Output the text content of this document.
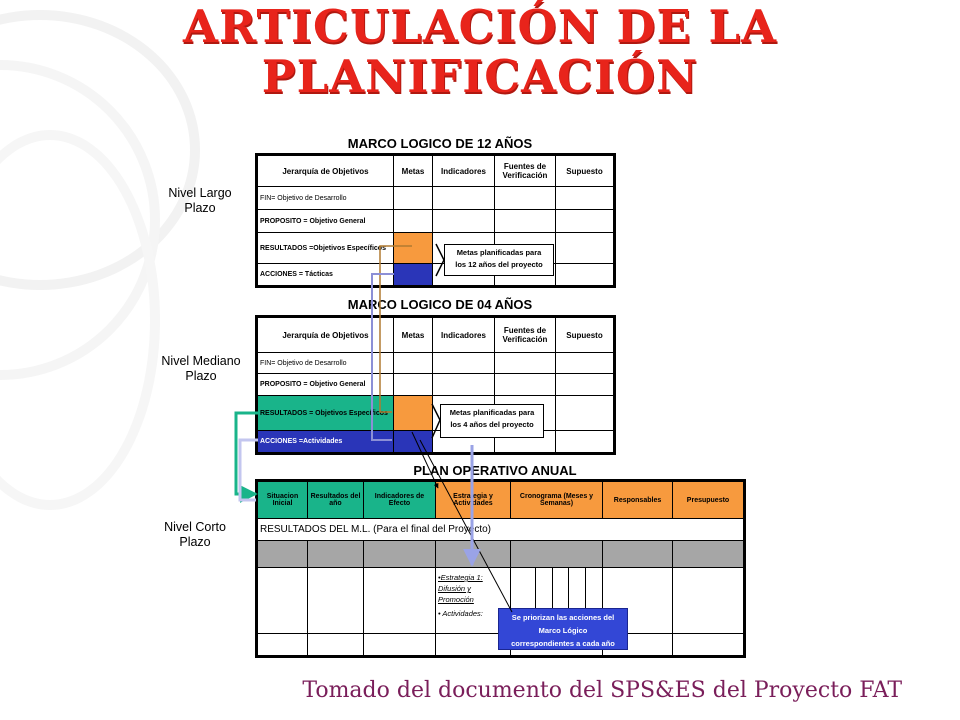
ARTICULACIÓN DE LA
PLANIFICACIÓN
Nivel Largo
Plazo
Nivel Mediano
Plazo
Nivel Corto
Plazo
MARCO LOGICO DE 12 AÑOS
Jerarquía de Objetivos	Metas	Indicadores	Fuentes de Verificación	Supuesto
FIN= Objetivo de Desarrollo				
PROPOSITO = Objetivo General				
RESULTADOS =Objetivos Específicos				
ACCIONES = Tácticas				
Metas planificadas para
los 12 años del proyecto
MARCO LOGICO DE 04 AÑOS
Jerarquía de Objetivos	Metas	Indicadores	Fuentes de Verificación	Supuesto
FIN= Objetivo de Desarrollo				
PROPOSITO = Objetivo General				
RESULTADOS = Objetivos Específicos				
ACCIONES =Actividades				
Metas planificadas para
los 4 años del proyecto
PLAN OPERATIVO ANUAL
Situacion Inicial	Resultados del año	Indicadores de Efecto	Estrategia y Actividades	Cronograma (Meses y Semanas)	Responsables	Presupuesto
RESULTADOS DEL M.L. (Para el final del Proyecto)						

			•Estrategia 1:
Difusión y
Promoción
• Actividades:			

							Se priorizan las acciones del
Marco Lógico
correspondientes a cada año
Tomado del documento del SPS&ES del Proyecto FAT
